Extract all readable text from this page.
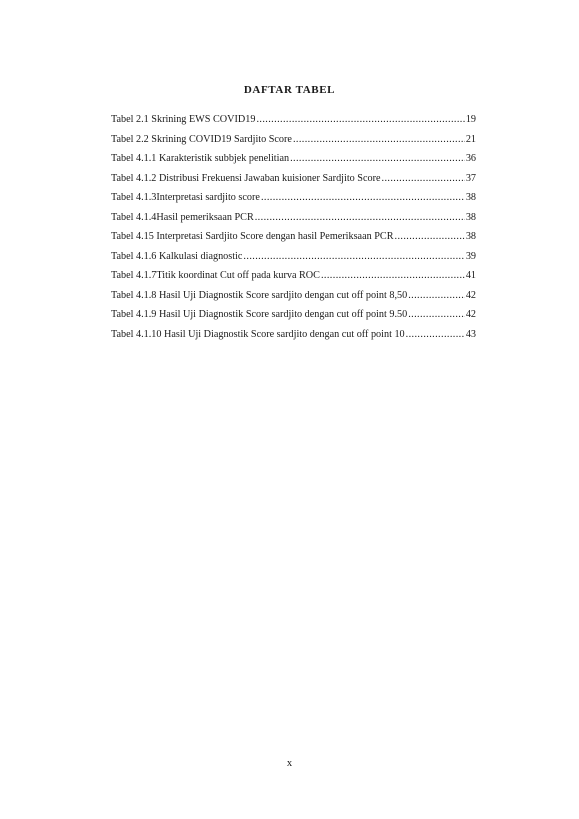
DAFTAR TABEL
Tabel 2.1 Skrining EWS COVID19 .....	19
Tabel 2.2 Skrining COVID19 Sardjito Score .....	21
Tabel 4.1.1 Karakteristik subbjek penelitian .....	36
Tabel 4.1.2 Distribusi Frekuensi Jawaban kuisioner Sardjito Score .....	37
Tabel 4.1.3Interpretasi sardjito score .....	38
Tabel 4.1.4Hasil pemeriksaan PCR .....	38
Tabel 4.15 Interpretasi Sardjito Score dengan hasil Pemeriksaan PCR .....	38
Tabel 4.1.6 Kalkulasi diagnostic .....	39
Tabel 4.1.7Titik koordinat Cut off pada kurva ROC .....	41
Tabel 4.1.8 Hasil Uji Diagnostik Score sardjito dengan cut off point 8,50 .....	42
Tabel 4.1.9 Hasil Uji Diagnostik Score sardjito dengan cut off point 9.50 .....	42
Tabel 4.1.10 Hasil Uji Diagnostik Score sardjito dengan cut off point 10 .....	43
x
